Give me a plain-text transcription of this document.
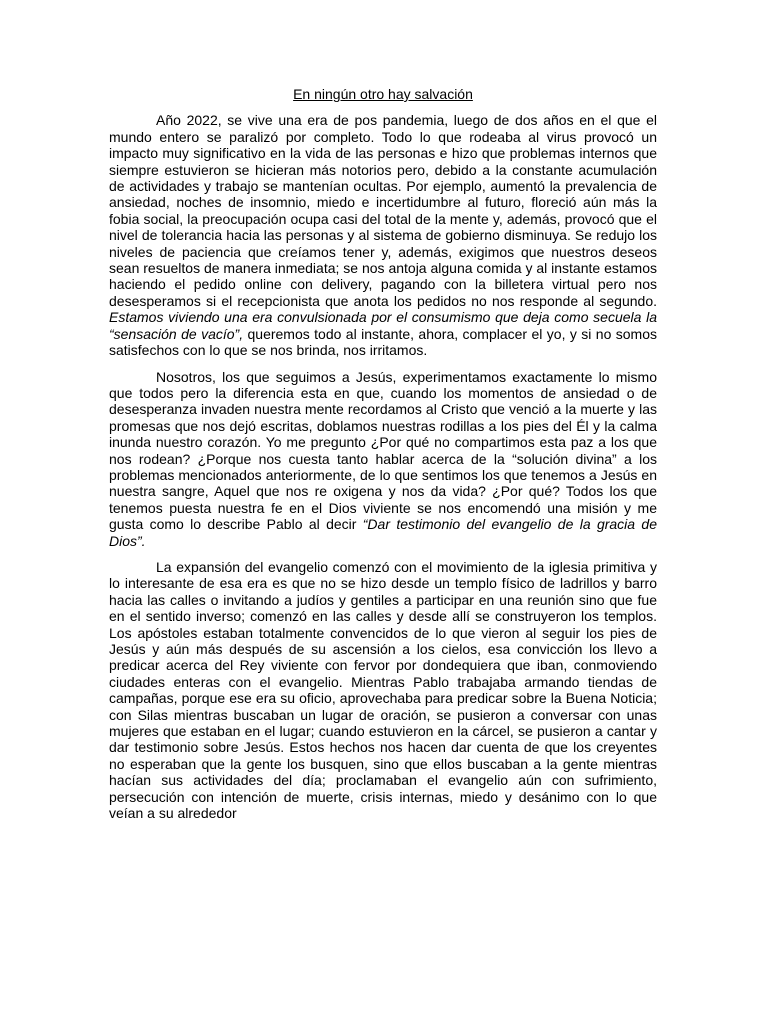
En ningún otro hay salvación

Año 2022, se vive una era de pos pandemia, luego de dos años en el que el mundo entero se paralizó por completo. Todo lo que rodeaba al virus provocó un impacto muy significativo en la vida de las personas e hizo que problemas internos que siempre estuvieron se hicieran más notorios pero, debido a la constante acumulación de actividades y trabajo se mantenían ocultas. Por ejemplo, aumentó la prevalencia de ansiedad, noches de insomnio, miedo e incertidumbre al futuro, floreció aún más la fobia social, la preocupación ocupa casi del total de la mente y, además, provocó que el nivel de tolerancia hacia las personas y al sistema de gobierno disminuya. Se redujo los niveles de paciencia que creíamos tener y, además, exigimos que nuestros deseos sean resueltos de manera inmediata; se nos antoja alguna comida y al instante estamos haciendo el pedido online con delivery, pagando con la billetera virtual pero nos desesperamos si el recepcionista que anota los pedidos no nos responde al segundo. Estamos viviendo una era convulsionada por el consumismo que deja como secuela la “sensación de vacío”, queremos todo al instante, ahora, complacer el yo, y si no somos satisfechos con lo que se nos brinda, nos irritamos.

Nosotros, los que seguimos a Jesús, experimentamos exactamente lo mismo que todos pero la diferencia esta en que, cuando los momentos de ansiedad o de desesperanza invaden nuestra mente recordamos al Cristo que venció a la muerte y las promesas que nos dejó escritas, doblamos nuestras rodillas a los pies del Él y la calma inunda nuestro corazón. Yo me pregunto ¿Por qué no compartimos esta paz a los que nos rodean? ¿Porque nos cuesta tanto hablar acerca de la “solución divina” a los problemas mencionados anteriormente, de lo que sentimos los que tenemos a Jesús en nuestra sangre, Aquel que nos re oxigena y nos da vida? ¿Por qué? Todos los que tenemos puesta nuestra fe en el Dios viviente se nos encomendó una misión y me gusta como lo describe Pablo al decir “Dar testimonio del evangelio de la gracia de Dios”.

La expansión del evangelio comenzó con el movimiento de la iglesia primitiva y lo interesante de esa era es que no se hizo desde un templo físico de ladrillos y barro hacia las calles o invitando a judíos y gentiles a participar en una reunión sino que fue en el sentido inverso; comenzó en las calles y desde allí se construyeron los templos. Los apóstoles estaban totalmente convencidos de lo que vieron al seguir los pies de Jesús y aún más después de su ascensión a los cielos, esa convicción los llevo a predicar acerca del Rey viviente con fervor por dondequiera que iban, conmoviendo ciudades enteras con el evangelio. Mientras Pablo trabajaba armando tiendas de campañas, porque ese era su oficio, aprovechaba para predicar sobre la Buena Noticia; con Silas mientras buscaban un lugar de oración, se pusieron a conversar con unas mujeres que estaban en el lugar; cuando estuvieron en la cárcel, se pusieron a cantar y dar testimonio sobre Jesús. Estos hechos nos hacen dar cuenta de que los creyentes no esperaban que la gente los busquen, sino que ellos buscaban a la gente mientras hacían sus actividades del día; proclamaban el evangelio aún con sufrimiento, persecución con intención de muerte, crisis internas, miedo y desánimo con lo que veían a su alrededor
